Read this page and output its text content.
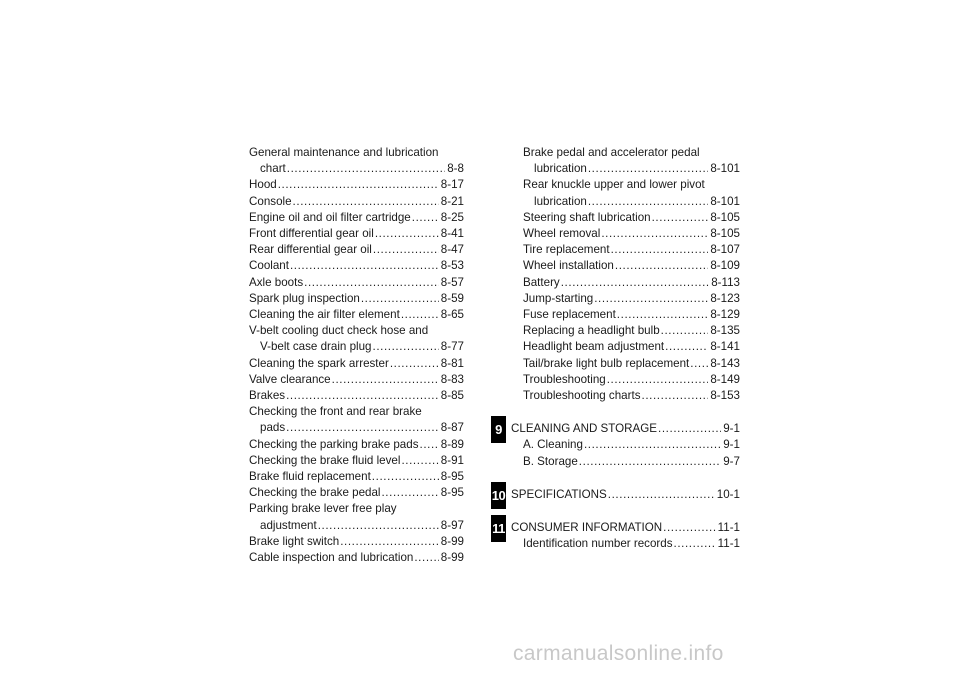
General maintenance and lubrication
chart .....	8-8
Hood .....	8-17
Console .....	8-21
Engine oil and oil filter cartridge .....	8-25
Front differential gear oil .....	8-41
Rear differential gear oil .....	8-47
Coolant .....	8-53
Axle boots .....	8-57
Spark plug inspection .....	8-59
Cleaning the air filter element .....	8-65
V-belt cooling duct check hose and
V-belt case drain plug .....	8-77
Cleaning the spark arrester .....	8-81
Valve clearance .....	8-83
Brakes .....	8-85
Checking the front and rear brake
pads .....	8-87
Checking the parking brake pads ..... 8-89
Checking the brake fluid level .....	8-91
Brake fluid replacement .....	8-95
Checking the brake pedal .....	8-95
Parking brake lever free play
adjustment .....	8-97
Brake light switch .....	8-99
Cable inspection and lubrication ..... 8-99
Brake pedal and accelerator pedal
lubrication .....	8-101
Rear knuckle upper and lower pivot
lubrication .....	8-101
Steering shaft lubrication .....	8-105
Wheel removal .....	8-105
Tire replacement .....	8-107
Wheel installation .....	8-109
Battery .....	8-113
Jump-starting .....	8-123
Fuse replacement .....	8-129
Replacing a headlight bulb .....	8-135
Headlight beam adjustment .....	8-141
Tail/brake light bulb replacement ..... 8-143
Troubleshooting .....	8-149
Troubleshooting charts .....	8-153
CLEANING AND STORAGE .....	9-1
A. Cleaning .....	9-1
B. Storage .....	9-7
SPECIFICATIONS .....	10-1
CONSUMER INFORMATION .....	11-1
Identification number records .....	11-1
9
10
11
carmanualsonline.info
